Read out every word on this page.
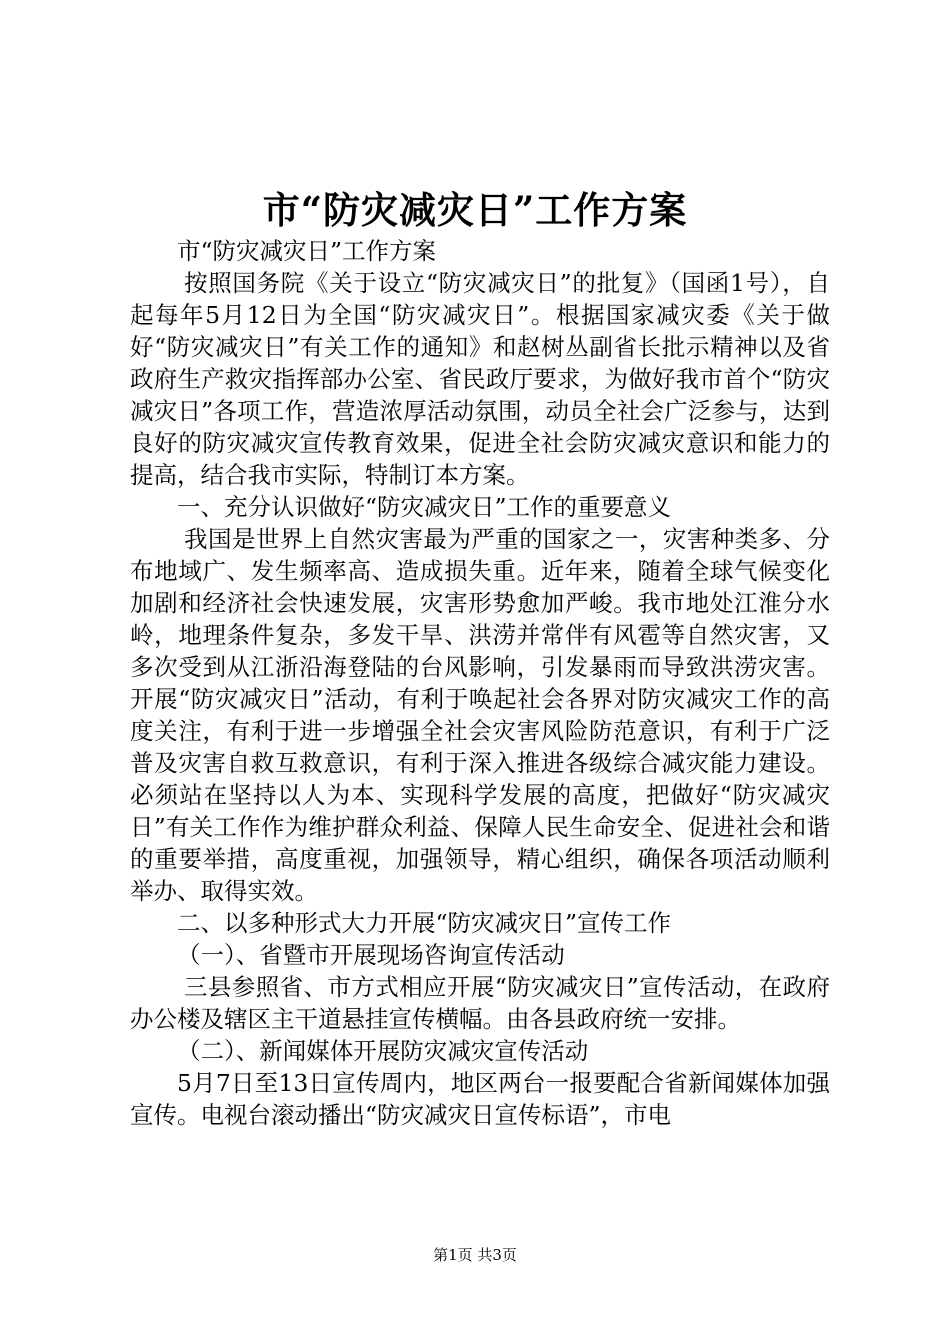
市“防灾减灾日”工作方案

市“防灾减灾日”工作方案

按照国务院《关于设立“防灾减灾日”的批复》（国函1号），自起每年5月12日为全国“防灾减灾日”。根据国家减灾委《关于做好“防灾减灾日”有关工作的通知》和赵树丛副省长批示精神以及省政府生产救灾指挥部办公室、省民政厅要求，为做好我市首个“防灾减灾日”各项工作，营造浓厚活动氛围，动员全社会广泛参与，达到良好的防灾减灾宣传教育效果，促进全社会防灾减灾意识和能力的提高，结合我市实际，特制订本方案。

一、充分认识做好“防灾减灾日”工作的重要意义

我国是世界上自然灾害最为严重的国家之一，灾害种类多、分布地域广、发生频率高、造成损失重。近年来，随着全球气候变化加剧和经济社会快速发展，灾害形势愈加严峻。我市地处江淮分水岭，地理条件复杂，多发干旱、洪涝并常伴有风雹等自然灾害，又多次受到从江浙沿海登陆的台风影响，引发暴雨而导致洪涝灾害。开展“防灾减灾日”活动，有利于唤起社会各界对防灾减灾工作的高度关注，有利于进一步增强全社会灾害风险防范意识，有利于广泛普及灾害自救互救意识，有利于深入推进各级综合减灾能力建设。必须站在坚持以人为本、实现科学发展的高度，把做好“防灾减灾日”有关工作作为维护群众利益、保障人民生命安全、促进社会和谐的重要举措，高度重视，加强领导，精心组织，确保各项活动顺利举办、取得实效。

二、以多种形式大力开展“防灾减灾日”宣传工作

（一）、省暨市开展现场咨询宣传活动

三县参照省、市方式相应开展“防灾减灾日”宣传活动，在政府办公楼及辖区主干道悬挂宣传横幅。由各县政府统一安排。

（二）、新闻媒体开展防灾减灾宣传活动

5月7日至13日宣传周内，地区两台一报要配合省新闻媒体加强宣传。电视台滚动播出“防灾减灾日宣传标语”，市电

第1页 共3页
